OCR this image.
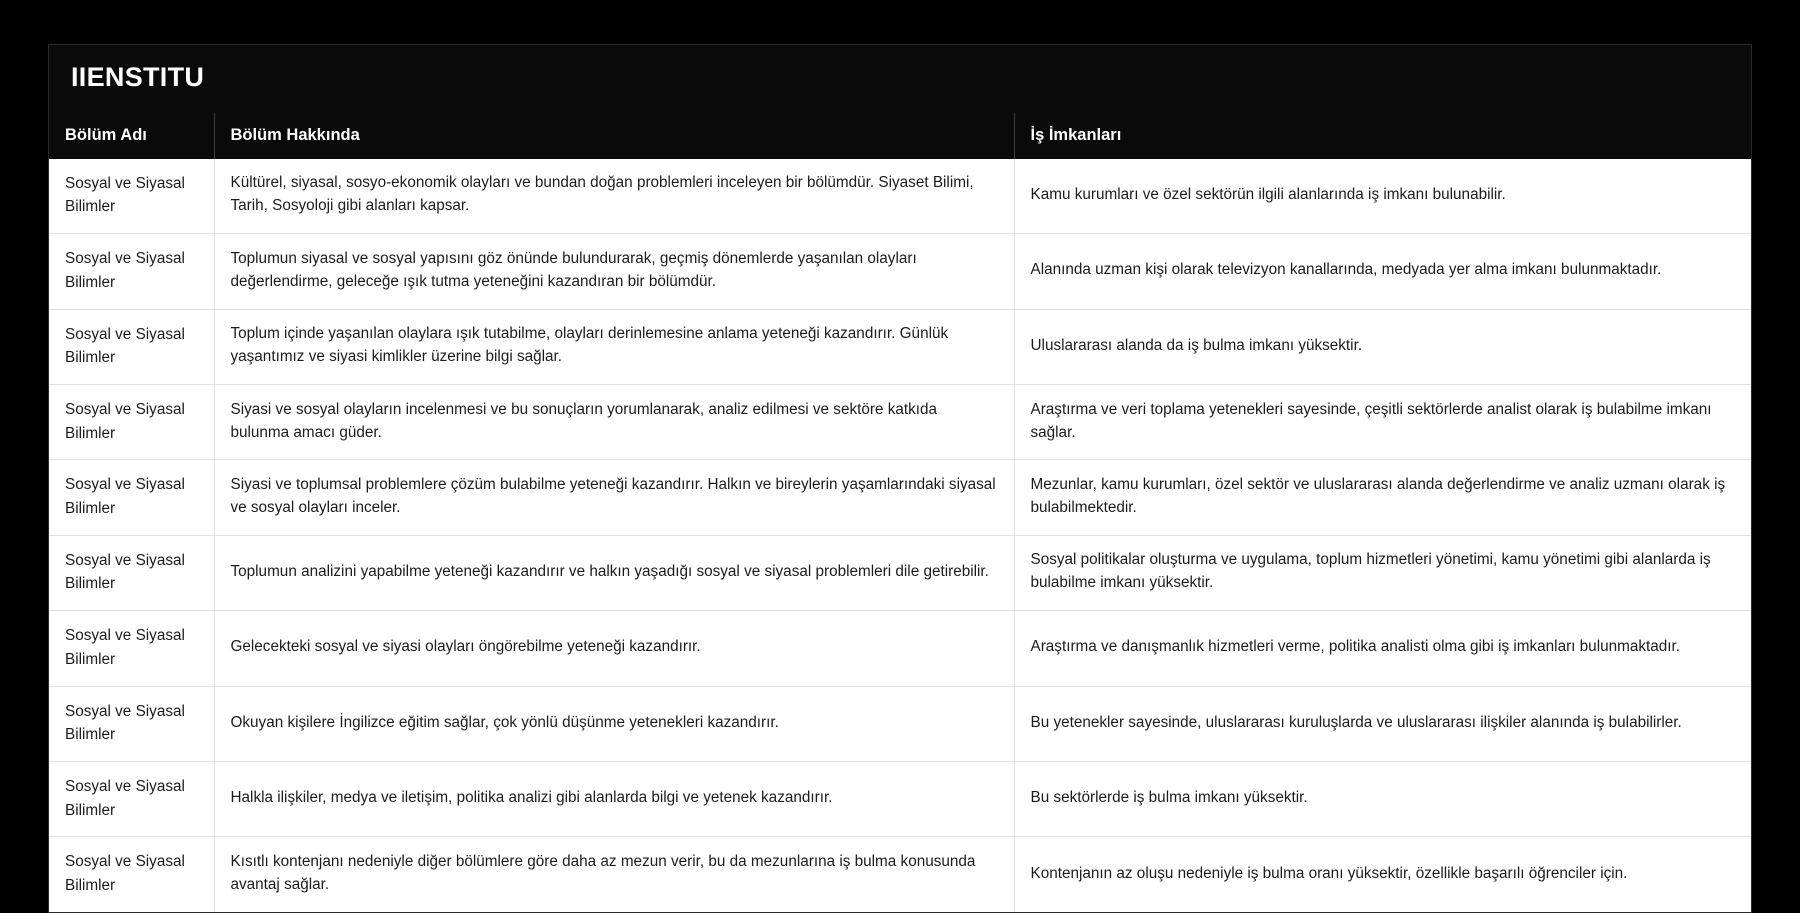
IIENSTITU
Bölüm Adı	Bölüm Hakkında	İş İmkanları
Sosyal ve Siyasal Bilimler	Kültürel, siyasal, sosyo-ekonomik olayları ve bundan doğan problemleri inceleyen bir bölümdür. Siyaset Bilimi, Tarih, Sosyoloji gibi alanları kapsar.	Kamu kurumları ve özel sektörün ilgili alanlarında iş imkanı bulunabilir.
Sosyal ve Siyasal Bilimler	Toplumun siyasal ve sosyal yapısını göz önünde bulundurarak, geçmiş dönemlerde yaşanılan olayları değerlendirme, geleceğe ışık tutma yeteneğini kazandıran bir bölümdür.	Alanında uzman kişi olarak televizyon kanallarında, medyada yer alma imkanı bulunmaktadır.
Sosyal ve Siyasal Bilimler	Toplum içinde yaşanılan olaylara ışık tutabilme, olayları derinlemesine anlama yeteneği kazandırır. Günlük yaşantımız ve siyasi kimlikler üzerine bilgi sağlar.	Uluslararası alanda da iş bulma imkanı yüksektir.
Sosyal ve Siyasal Bilimler	Siyasi ve sosyal olayların incelenmesi ve bu sonuçların yorumlanarak, analiz edilmesi ve sektöre katkıda bulunma amacı güder.	Araştırma ve veri toplama yetenekleri sayesinde, çeşitli sektörlerde analist olarak iş bulabilme imkanı sağlar.
Sosyal ve Siyasal Bilimler	Siyasi ve toplumsal problemlere çözüm bulabilme yeteneği kazandırır. Halkın ve bireylerin yaşamlarındaki siyasal ve sosyal olayları inceler.	Mezunlar, kamu kurumları, özel sektör ve uluslararası alanda değerlendirme ve analiz uzmanı olarak iş bulabilmektedir.
Sosyal ve Siyasal Bilimler	Toplumun analizini yapabilme yeteneği kazandırır ve halkın yaşadığı sosyal ve siyasal problemleri dile getirebilir.	Sosyal politikalar oluşturma ve uygulama, toplum hizmetleri yönetimi, kamu yönetimi gibi alanlarda iş bulabilme imkanı yüksektir.
Sosyal ve Siyasal Bilimler	Gelecekteki sosyal ve siyasi olayları öngörebilme yeteneği kazandırır.	Araştırma ve danışmanlık hizmetleri verme, politika analisti olma gibi iş imkanları bulunmaktadır.
Sosyal ve Siyasal Bilimler	Okuyan kişilere İngilizce eğitim sağlar, çok yönlü düşünme yetenekleri kazandırır.	Bu yetenekler sayesinde, uluslararası kuruluşlarda ve uluslararası ilişkiler alanında iş bulabilirler.
Sosyal ve Siyasal Bilimler	Halkla ilişkiler, medya ve iletişim, politika analizi gibi alanlarda bilgi ve yetenek kazandırır.	Bu sektörlerde iş bulma imkanı yüksektir.
Sosyal ve Siyasal Bilimler	Kısıtlı kontenjanı nedeniyle diğer bölümlere göre daha az mezun verir, bu da mezunlarına iş bulma konusunda avantaj sağlar.	Kontenjanın az oluşu nedeniyle iş bulma oranı yüksektir, özellikle başarılı öğrenciler için.
